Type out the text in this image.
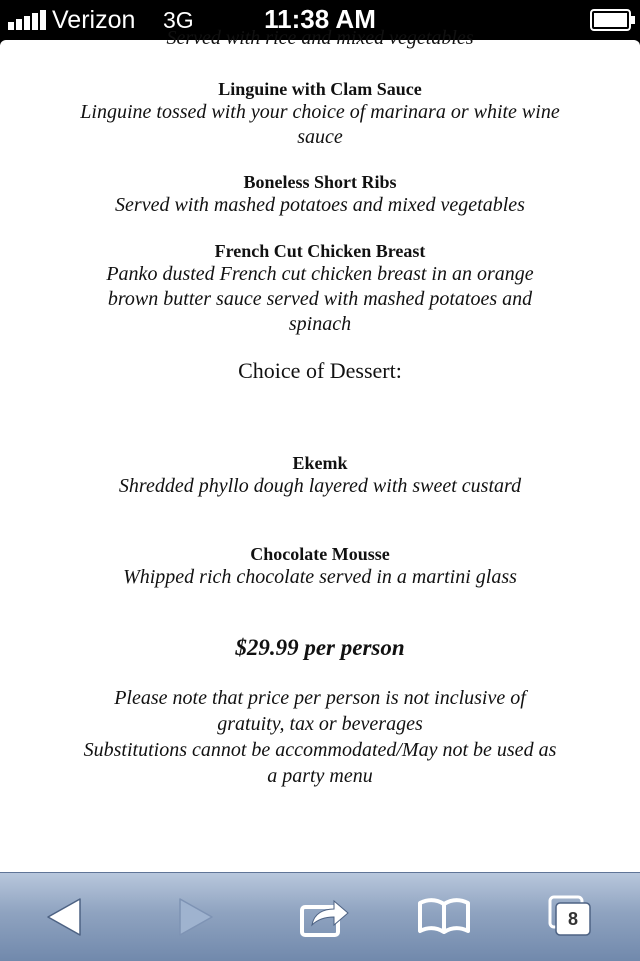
Verizon 3G	11:38 AM
Served with rice and mixed vegetables
Linguine with Clam Sauce
Linguine tossed with your choice of marinara or white wine sauce
Boneless Short Ribs
Served with mashed potatoes and mixed vegetables
French Cut Chicken Breast
Panko dusted French cut chicken breast in an orange brown butter sauce served with mashed potatoes and spinach
Choice of Dessert:
Ekemk
Shredded phyllo dough layered with sweet custard
Chocolate Mousse
Whipped rich chocolate served in a martini glass
$29.99 per person
Please note that price per person is not inclusive of gratuity, tax or beverages
Substitutions cannot be accommodated/May not be used as a party menu
8
